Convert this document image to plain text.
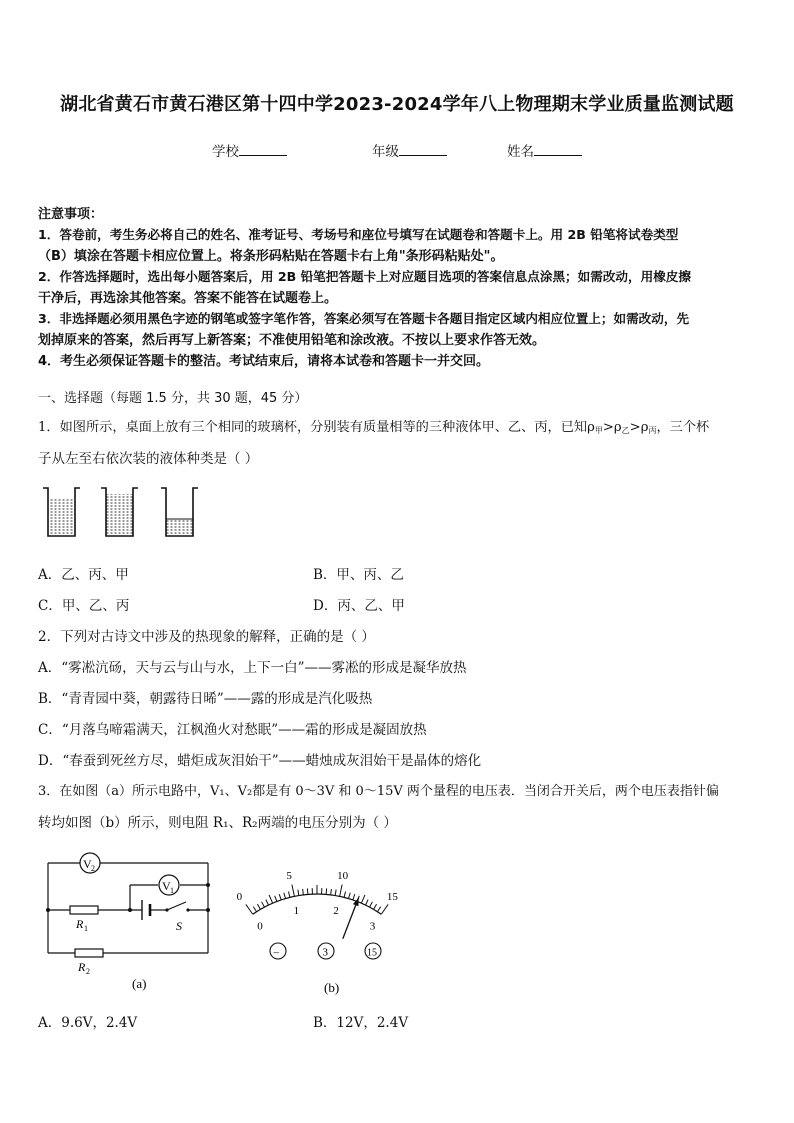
湖北省黄石市黄石港区第十四中学2023-2024学年八上物理期末学业质量监测试题
学校	年级	姓名
注意事项：
1．答卷前，考生务必将自己的姓名、准考证号、考场号和座位号填写在试题卷和答题卡上。用 2B 铅笔将试卷类型
（B）填涂在答题卡相应位置上。将条形码粘贴在答题卡右上角"条形码粘贴处"。
2．作答选择题时，选出每小题答案后，用 2B 铅笔把答题卡上对应题目选项的答案信息点涂黑；如需改动，用橡皮擦
干净后，再选涂其他答案。答案不能答在试题卷上。
3．非选择题必须用黑色字迹的钢笔或签字笔作答，答案必须写在答题卡各题目指定区域内相应位置上；如需改动，先
划掉原来的答案，然后再写上新答案；不准使用铅笔和涂改液。不按以上要求作答无效。
4．考生必须保证答题卡的整洁。考试结束后，请将本试卷和答题卡一并交回。
一、选择题（每题 1.5 分，共 30 题，45 分）
1．如图所示，桌面上放有三个相同的玻璃杯，分别装有质量相等的三种液体甲、乙、丙，已知$\rho_甲>\rho_乙>\rho_丙$，三个杯
子从左至右依次装的液体种类是（ ）
A．乙、丙、甲	B．甲、丙、乙
C．甲、乙、丙	D．丙、乙、甲
2．下列对古诗文中涉及的热现象的解释，正确的是（ ）
A．“雾凇沆砀，天与云与山与水，上下一白”——雾凇的形成是凝华放热
B．“青青园中葵，朝露待日晞”——露的形成是汽化吸热
C．“月落乌啼霜满天，江枫渔火对愁眠”——霜的形成是凝固放热
D．“春蚕到死丝方尽，蜡炬成灰泪始干”——蜡烛成灰泪始干是晶体的熔化
3．在如图（a）所示电路中，V₁、V₂都是有 0～3V 和 0～15V 两个量程的电压表．当闭合开关后，两个电压表指针偏
转均如图（b）所示，则电阻 R₁、R₂两端的电压分别为（ ）
V 2
V 1
R 1	S
R 2
(a)
0
5	10
15
0
1	2
3
–	3	15
(b)
A．9.6V，2.4V	B．12V，2.4V
